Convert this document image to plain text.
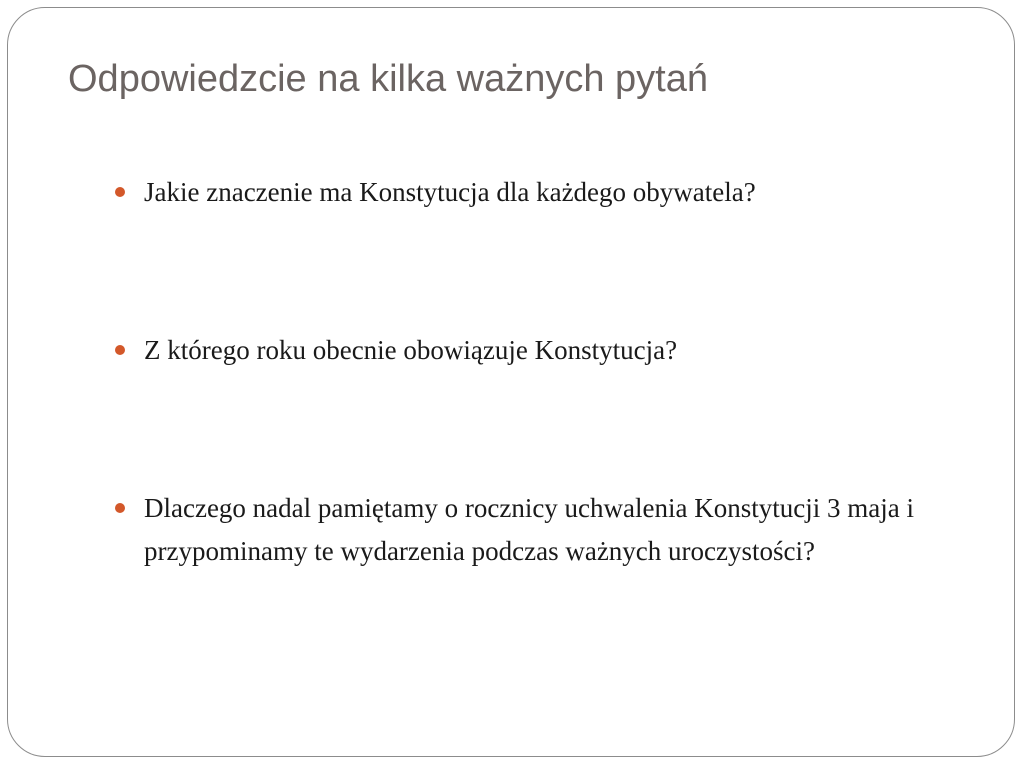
Odpowiedzcie na kilka ważnych pytań
Jakie znaczenie ma Konstytucja dla każdego obywatela?
Z którego roku obecnie obowiązuje Konstytucja?
Dlaczego nadal pamiętamy o rocznicy uchwalenia Konstytucji 3 maja i przypominamy te wydarzenia podczas ważnych uroczystości?
